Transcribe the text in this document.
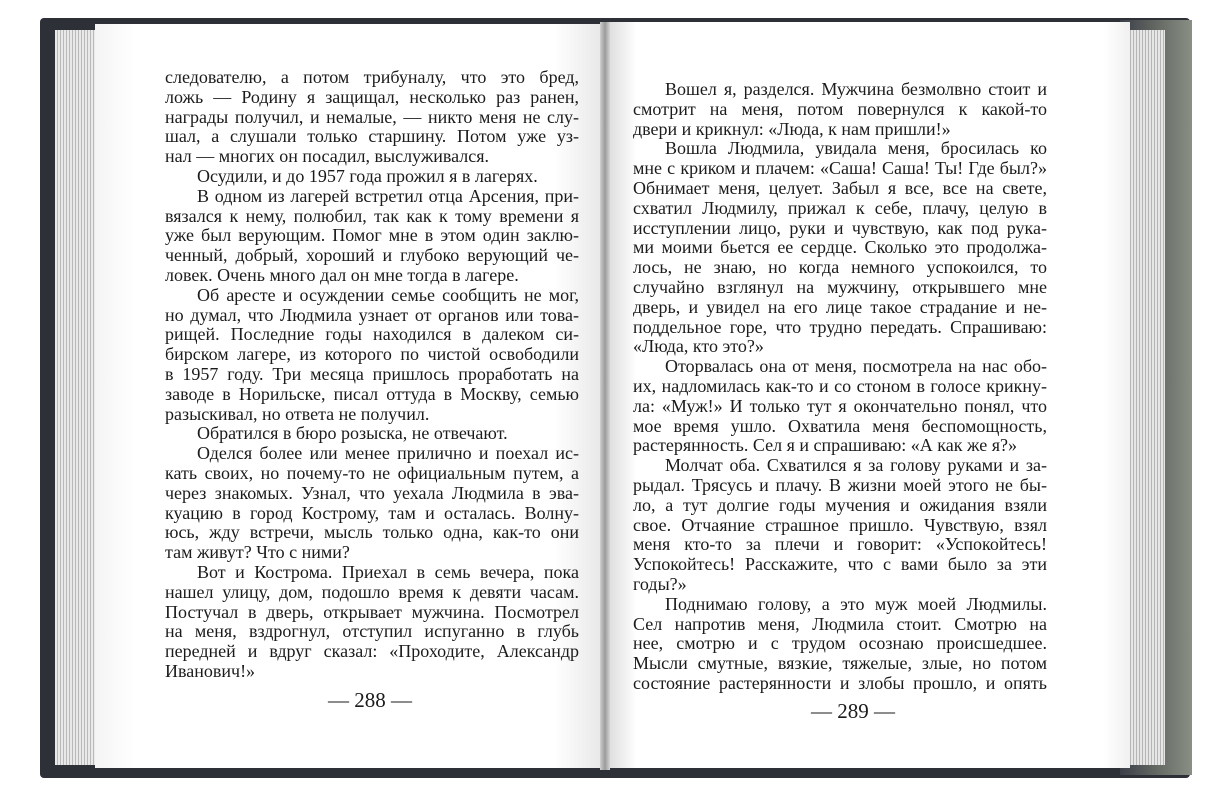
следователю, а потом трибуналу, что это бред,
ложь — Родину я защищал, несколько раз ранен,
награды получил, и немалые, — никто меня не слу-
шал, а слушали только старшину. Потом уже уз-
нал — многих он посадил, выслуживался.
Осудили, и до 1957 года прожил я в лагерях.
В одном из лагерей встретил отца Арсения, при-
вязался к нему, полюбил, так как к тому времени я
уже был верующим. Помог мне в этом один заклю-
ченный, добрый, хороший и глубоко верующий че-
ловек. Очень много дал он мне тогда в лагере.
Об аресте и осуждении семье сообщить не мог,
но думал, что Людмила узнает от органов или това-
рищей. Последние годы находился в далеком си-
бирском лагере, из которого по чистой освободили
в 1957 году. Три месяца пришлось проработать на
заводе в Норильске, писал оттуда в Москву, семью
разыскивал, но ответа не получил.
Обратился в бюро розыска, не отвечают.
Оделся более или менее прилично и поехал ис-
кать своих, но почему-то не официальным путем, а
через знакомых. Узнал, что уехала Людмила в эва-
куацию в город Кострому, там и осталась. Волну-
юсь, жду встречи, мысль только одна, как-то они
там живут? Что с ними?
Вот и Кострома. Приехал в семь вечера, пока
нашел улицу, дом, подошло время к девяти часам.
Постучал в дверь, открывает мужчина. Посмотрел
на меня, вздрогнул, отступил испуганно в глубь
передней и вдруг сказал: «Проходите, Александр
Иванович!»
Вошел я, разделся. Мужчина безмолвно стоит и
смотрит на меня, потом повернулся к какой-то
двери и крикнул: «Люда, к нам пришли!»
Вошла Людмила, увидала меня, бросилась ко
мне с криком и плачем: «Саша! Саша! Ты! Где был?»
Обнимает меня, целует. Забыл я все, все на свете,
схватил Людмилу, прижал к себе, плачу, целую в
исступлении лицо, руки и чувствую, как под рука-
ми моими бьется ее сердце. Сколько это продолжа-
лось, не знаю, но когда немного успокоился, то
случайно взглянул на мужчину, открывшего мне
дверь, и увидел на его лице такое страдание и не-
поддельное горе, что трудно передать. Спрашиваю:
«Люда, кто это?»
Оторвалась она от меня, посмотрела на нас обо-
их, надломилась как-то и со стоном в голосе крикну-
ла: «Муж!» И только тут я окончательно понял, что
мое время ушло. Охватила меня беспомощность,
растерянность. Сел я и спрашиваю: «А как же я?»
Молчат оба. Схватился я за голову руками и за-
рыдал. Трясусь и плачу. В жизни моей этого не бы-
ло, а тут долгие годы мучения и ожидания взяли
свое. Отчаяние страшное пришло. Чувствую, взял
меня кто-то за плечи и говорит: «Успокойтесь!
Успокойтесь! Расскажите, что с вами было за эти
годы?»
Поднимаю голову, а это муж моей Людмилы.
Сел напротив меня, Людмила стоит. Смотрю на
нее, смотрю и с трудом осознаю происшедшее.
Мысли смутные, вязкие, тяжелые, злые, но потом
состояние растерянности и злобы прошло, и опять
— 288 —	— 289 —
